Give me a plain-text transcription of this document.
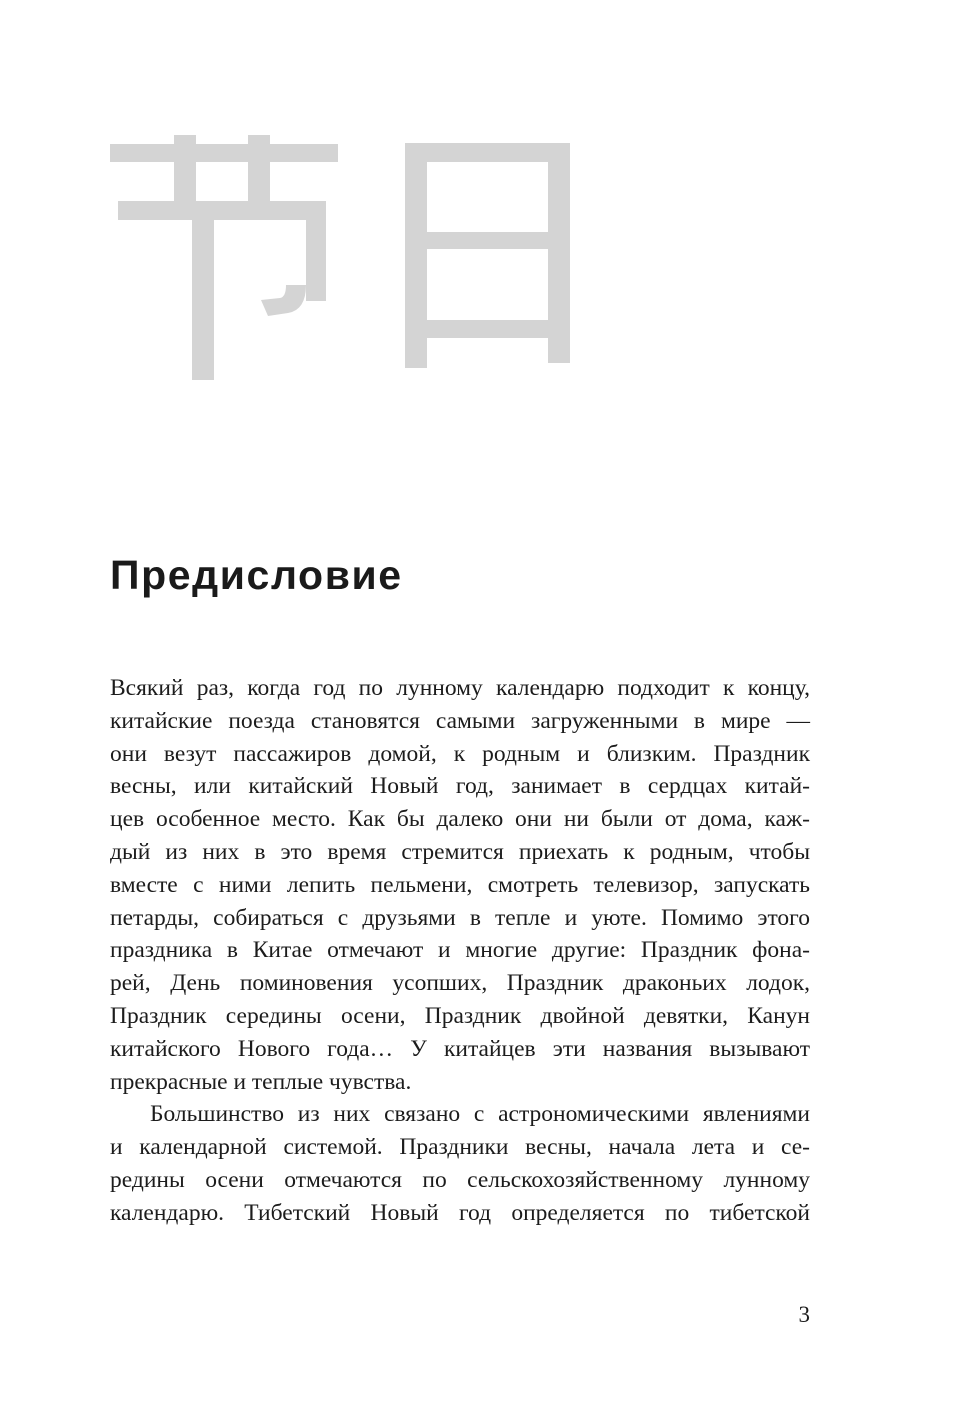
Предисловие
Всякий раз, когда год по лунному календарю подходит к концу,
китайские поезда становятся самыми загруженными в мире —
они везут пассажиров домой, к родным и близким. Праздник
весны, или китайский Новый год, занимает в сердцах китай-
цев особенное место. Как бы далеко они ни были от дома, каж-
дый из них в это время стремится приехать к родным, чтобы
вместе с ними лепить пельмени, смотреть телевизор, запускать
петарды, собираться с друзьями в тепле и уюте. Помимо этого
праздника в Китае отмечают и многие другие: Праздник фона-
рей, День поминовения усопших, Праздник драконьих лодок,
Праздник середины осени, Праздник двойной девятки, Канун
китайского Нового года… У китайцев эти названия вызывают
прекрасные и теплые чувства.
Большинство из них связано с астрономическими явлениями
и календарной системой. Праздники весны, начала лета и се-
редины осени отмечаются по сельскохозяйственному лунному
календарю. Тибетский Новый год определяется по тибетской
3
